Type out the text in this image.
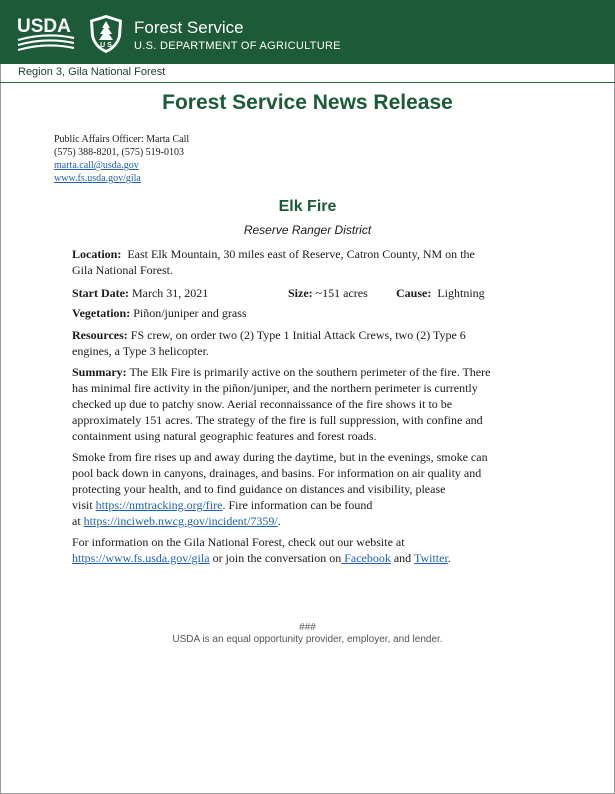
USDA
U S
Forest Service
U.S. DEPARTMENT OF AGRICULTURE
Region 3, Gila National Forest
Forest Service News Release
Public Affairs Officer: Marta Call
(575) 388-8201, (575) 519-0103
marta.call@usda.gov
www.fs.usda.gov/gila
Elk Fire
Reserve Ranger District
Location: East Elk Mountain, 30 miles east of Reserve, Catron County, NM on the
Gila National Forest.
Start Date: March 31, 2021	Size: ~151 acres Cause: Lightning
Vegetation: Piñon/juniper and grass
Resources: FS crew, on order two (2) Type 1 Initial Attack Crews, two (2) Type 6
engines, a Type 3 helicopter.
Summary: The Elk Fire is primarily active on the southern perimeter of the fire. There
has minimal fire activity in the piñon/juniper, and the northern perimeter is currently
checked up due to patchy snow. Aerial reconnaissance of the fire shows it to be
approximately 151 acres. The strategy of the fire is full suppression, with confine and
containment using natural geographic features and forest roads.
Smoke from fire rises up and away during the daytime, but in the evenings, smoke can
pool back down in canyons, drainages, and basins. For information on air quality and
protecting your health, and to find guidance on distances and visibility, please
visit https://nmtracking.org/fire. Fire information can be found
at https://inciweb.nwcg.gov/incident/7359/.
For information on the Gila National Forest, check out our website at
https://www.fs.usda.gov/gila or join the conversation on Facebook and Twitter.
###
USDA is an equal opportunity provider, employer, and lender.
